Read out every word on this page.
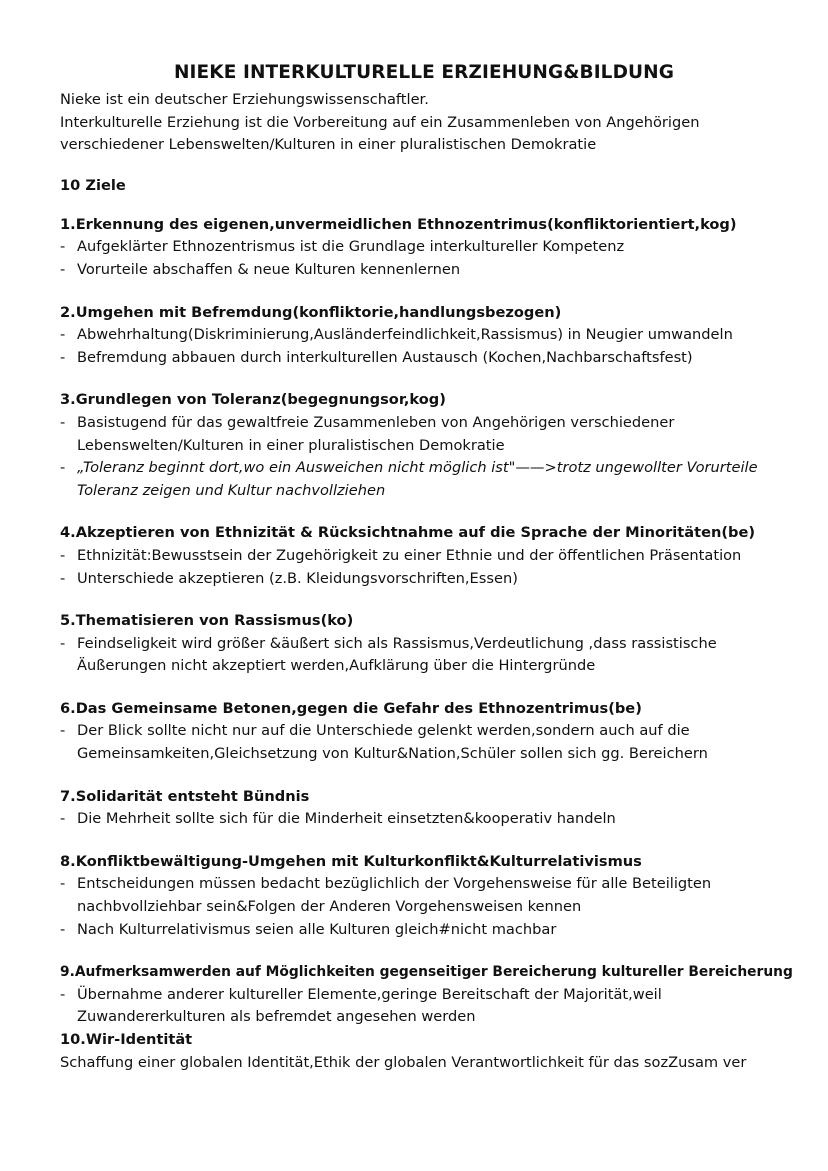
NIEKE INTERKULTURELLE ERZIEHUNG&BILDUNG
Nieke ist ein deutscher Erziehungswissenschaftler.
Interkulturelle Erziehung ist die Vorbereitung auf ein Zusammenleben von Angehörigen
verschiedener Lebenswelten/Kulturen in einer pluralistischen Demokratie
10 Ziele
1.Erkennung des eigenen,unvermeidlichen Ethnozentrimus(konfliktorientiert,kog)
- Aufgeklärter Ethnozentrismus ist die Grundlage interkultureller Kompetenz
- Vorurteile abschaffen & neue Kulturen kennenlernen
2.Umgehen mit Befremdung(konfliktorie,handlungsbezogen)
- Abwehrhaltung(Diskriminierung,Ausländerfeindlichkeit,Rassismus) in Neugier umwandeln
- Befremdung abbauen durch interkulturellen Austausch (Kochen,Nachbarschaftsfest)
3.Grundlegen von Toleranz(begegnungsor,kog)
- Basistugend für das gewaltfreie Zusammenleben von Angehörigen verschiedener
Lebenswelten/Kulturen in einer pluralistischen Demokratie
- „Toleranz beginnt dort,wo ein Ausweichen nicht möglich ist"——>trotz ungewollter Vorurteile
Toleranz zeigen und Kultur nachvollziehen
4.Akzeptieren von Ethnizität & Rücksichtnahme auf die Sprache der Minoritäten(be)
- Ethnizität:Bewusstsein der Zugehörigkeit zu einer Ethnie und der öffentlichen Präsentation
- Unterschiede akzeptieren (z.B. Kleidungsvorschriften,Essen)
5.Thematisieren von Rassismus(ko)
- Feindseligkeit wird größer &äußert sich als Rassismus,Verdeutlichung ,dass rassistische
Äußerungen nicht akzeptiert werden,Aufklärung über die Hintergründe
6.Das Gemeinsame Betonen,gegen die Gefahr des Ethnozentrimus(be)
- Der Blick sollte nicht nur auf die Unterschiede gelenkt werden,sondern auch auf die
Gemeinsamkeiten,Gleichsetzung von Kultur&Nation,Schüler sollen sich gg. Bereichern
7.Solidarität entsteht Bündnis
- Die Mehrheit sollte sich für die Minderheit einsetzten&kooperativ handeln
8.Konfliktbewältigung-Umgehen mit Kulturkonflikt&Kulturrelativismus
- Entscheidungen müssen bedacht bezüglichlich der Vorgehensweise für alle Beteiligten
nachbvollziehbar sein&Folgen der Anderen Vorgehensweisen kennen
- Nach Kulturrelativismus seien alle Kulturen gleich#nicht machbar
9.Aufmerksamwerden auf Möglichkeiten gegenseitiger Bereicherung kultureller Bereicherung
- Übernahme anderer kultureller Elemente,geringe Bereitschaft der Majorität,weil
Zuwandererkulturen als befremdet angesehen werden
10.Wir-Identität
Schaffung einer globalen Identität,Ethik der globalen Verantwortlichkeit für das sozZusam ver
